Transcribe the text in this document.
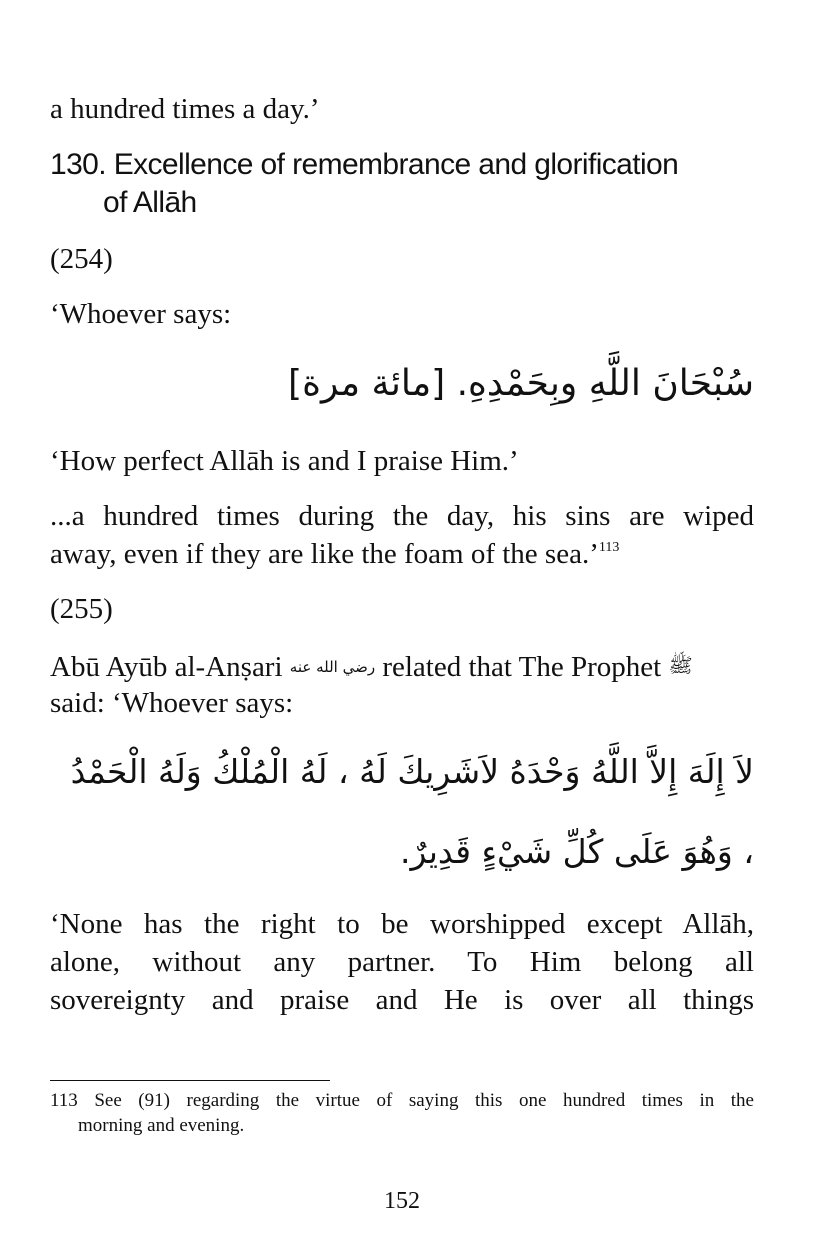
a hundred times a day.’

130. Excellence of remembrance and glorification
of Allāh

(254)

‘Whoever says:

سُبْحَانَ اللَّهِ وبِحَمْدِهِ. [مائة مرة]

‘How perfect Allāh is and I praise Him.’

...a hundred times during the day, his sins are wiped

away, even if they are like the foam of the sea.’$^{113}$

(255)

Abū Ayūb al-Anṣari رضي الله عنه related that The Prophet ﷺ

said: ‘Whoever says:

لاَ إِلَهَ إِلاَّ اللَّهُ وَحْدَهُ لاَشَرِيكَ لَهُ ، لَهُ الْمُلْكُ وَلَهُ الْحَمْدُ
، وَهُوَ عَلَى كُلِّ شَيْءٍ قَدِيرٌ.

‘None has the right to be worshipped except Allāh,

alone, without any partner. To Him belong all

sovereignty and praise and He is over all things

113 See (91) regarding the virtue of saying this one hundred times in the
morning and evening.
152
